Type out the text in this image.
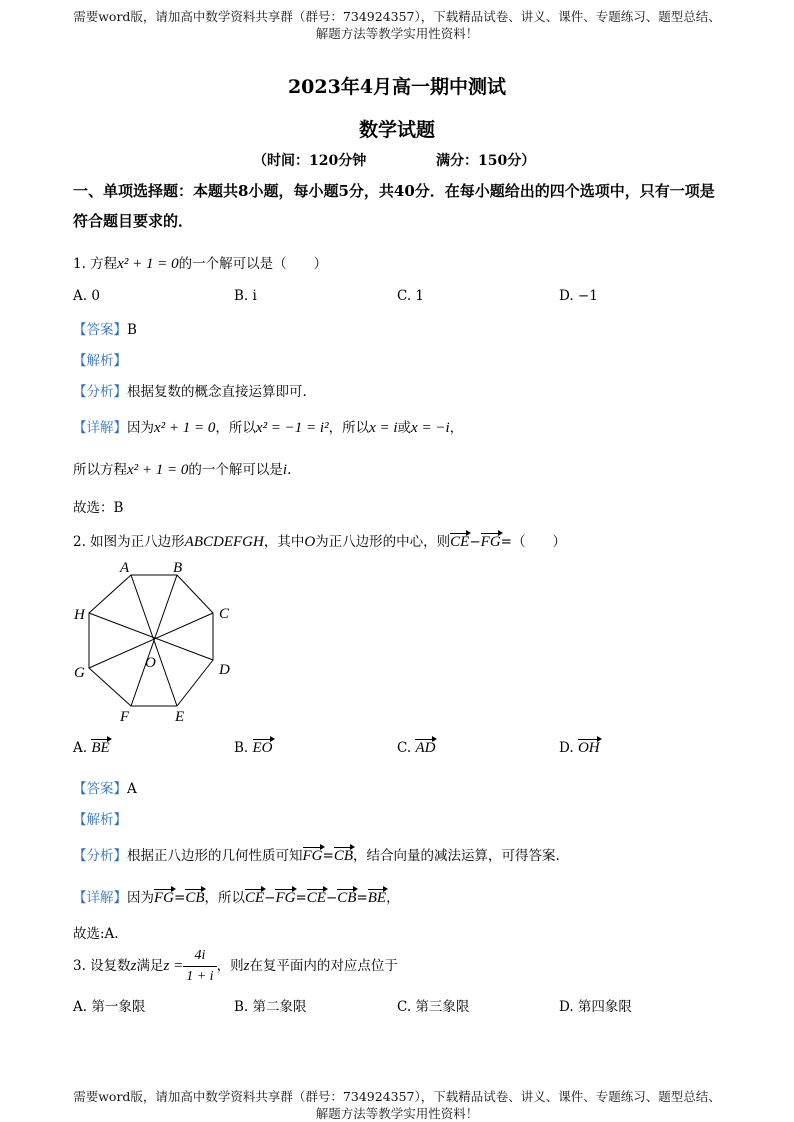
需要word版，请加高中数学资料共享群（群号：734924357），下载精品试卷、讲义、课件、专题练习、题型总结、解题方法等教学实用性资料！
2023年4月高一期中测试
数学试题
（时间：120分钟	满分：150分）
一、单项选择题：本题共8小题，每小题5分，共40分．在每小题给出的四个选项中，只有一项是符合题目要求的．
1. 方程x² + 1 = 0的一个解可以是（　　）
A. 0	B. i	C. 1	D. −1
【答案】B
【解析】
【分析】根据复数的概念直接运算即可.
【详解】因为x² + 1 = 0，所以x² = −1 = i²，所以x = i或x = −i，
所以方程x² + 1 = 0的一个解可以是i.
故选：B
2. 如图为正八边形ABCDEFGH，其中O为正八边形的中心，则CE−FG=（　　）
A	B
C
D
E
F
G
H
O
A. BE	B. EO	C. AD	D. OH
【答案】A
【解析】
【分析】根据正八边形的几何性质可知FG=CB，结合向量的减法运算，可得答案.
【详解】因为FG=CB，所以CE−FG=CE−CB=BE，
故选:A.
3. 设复数z满足$z = \frac{4i}{1 + i}$ ，则z在复平面内的对应点位于
A. 第一象限	B. 第二象限	C. 第三象限	D. 第四象限
需要word版，请加高中数学资料共享群（群号：734924357），下载精品试卷、讲义、课件、专题练习、题型总结、解题方法等教学实用性资料！
